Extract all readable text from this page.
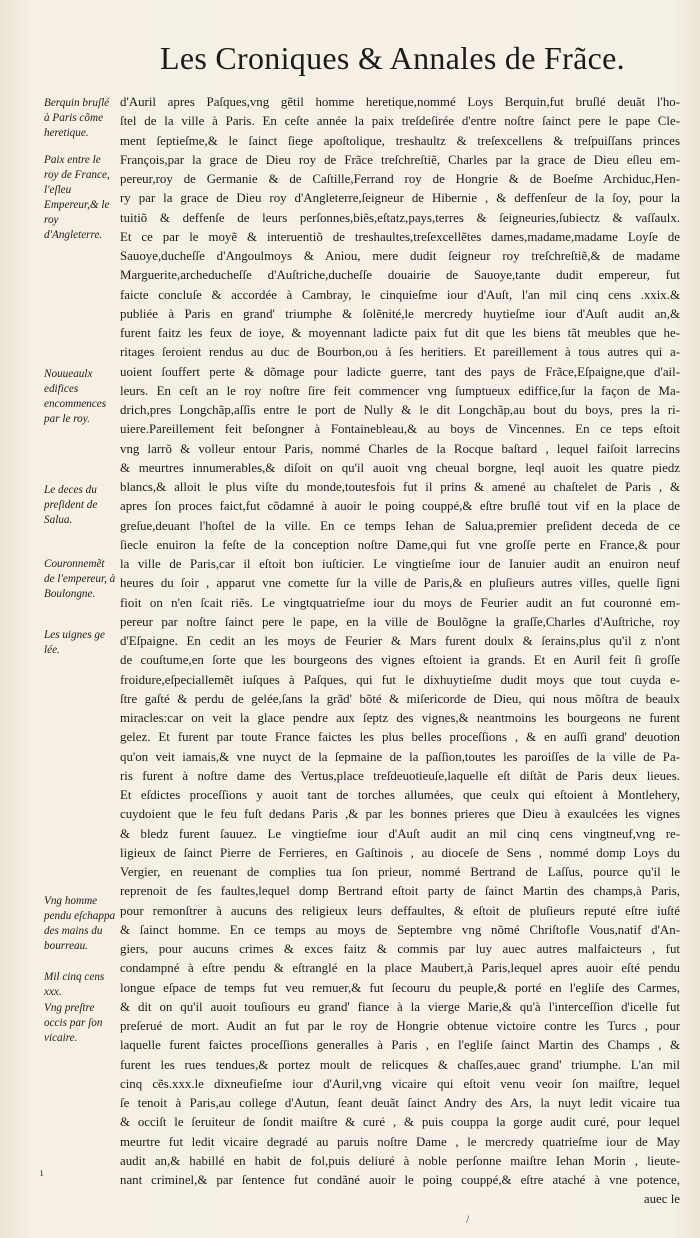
Les Croniques & Annales de Frãce.
Berquin bruſlé à Paris cõme heretique.
Paix entre le roy de France, l'eſleu Empereur,& le roy d'Angleterre.
Nouueaulx edifices encommences par le roy.
Le deces du preſident de Salua.
Couronnemẽt de l'empereur, à Boulongne.
Les uignes ge lée.
Vng homme pendu eſchappa des mains du bourreau.
Mil cinq cens xxx.
Vng preſtre occis par ſon vicaire.
d'Auril apres Paſques,vng gẽtil homme heretique,nommé Loys Berquin,fut bruſlé deuãt l'ho-
ſtel de la ville à Paris. En ceſte année la paix treſdeſirée d'entre noſtre ſainct pere le pape Cle-
ment ſeptieſme,& le ſainct ſiege apoſtolique, treshaultz & treſexcellens & treſpuiſſans princes
François,par la grace de Dieu roy de Frãce treſchreſtiẽ, Charles par la grace de Dieu eſleu em-
pereur,roy de Germanie & de Caſtille,Ferrand roy de Hongrie & de Boeſme Archiduc,Hen-
ry par la grace de Dieu roy d'Angleterre,ſeigneur de Hibernie , & deffenſeur de la ſoy, pour la
tuitiõ & deffenſe de leurs perſonnes,biẽs,eſtatz,pays,terres & ſeigneuries,ſubiectz & vaſſaulx.
Et ce par le moyẽ & interuentiõ de treshaultes,treſexcellẽtes dames,madame,madame Loyſe de
Sauoye,ducheſſe d'Angoulmoys & Aniou, mere dudit ſeigneur roy treſchreſtiẽ,& de madame
Marguerite,archeducheſſe d'Auſtriche,ducheſſe douairie de Sauoye,tante dudit empereur, fut
faicte concluſe & accordée à Cambray, le cinquieſme iour d'Auſt, l'an mil cinq cens .xxix.&
publiée à Paris en grand' triumphe & ſolẽnité,le mercredy huytieſme iour d'Auſt audit an,&
furent faitz les feux de ioye, & moyennant ladicte paix fut dit que les biens tãt meubles que he-
ritages ſeroient rendus au duc de Bourbon,ou à ſes heritiers. Et pareillement à tous autres qui a-
uoient ſouffert perte & dõmage pour ladicte guerre, tant des pays de Frãce,Eſpaigne,que d'ail-
leurs. En ceſt an le roy noſtre ſire feit commencer vng ſumptueux ediffice,ſur la façon de Ma-
drich,pres Longchãp,aſſis entre le port de Nully & le dit Longchãp,au bout du boys, pres la ri-
uiere.Pareillement feit beſongner à Fontainebleau,& au boys de Vincennes. En ce teps eſtoit
vng larrõ & volleur entour Paris, nommé Charles de la Rocque baſtard , lequel faiſoit larrecins
& meurtres innumerables,& diſoit on qu'il auoit vng cheual borgne, leql auoit les quatre piedz
blancs,& alloit le plus viſte du monde,toutesfois fut il prins & amené au chaſtelet de Paris , &
apres ſon proces faict,fut cõdamné à auoir le poing couppé,& eſtre bruſlé tout vif en la place de
greſue,deuant l'hoſtel de la ville. En ce temps Iehan de Salua,premier preſident deceda de ce
ſiecle enuiron la feſte de la conception noſtre Dame,qui fut vne groſſe perte en France,& pour
la ville de Paris,car il eſtoit bon iuſticier. Le vingtieſme iour de Ianuier audit an enuiron neuf
heures du ſoir , apparut vne comette ſur la ville de Paris,& en pluſieurs autres villes, quelle ſigni
fioit on n'en ſcait riẽs. Le vingtquatrieſme iour du moys de Feurier audit an fut couronné em-
pereur par noſtre ſainct pere le pape, en la ville de Boulõgne la graſſe,Charles d'Auſtriche, roy
d'Eſpaigne. En cedit an les moys de Feurier & Mars furent doulx & ſerains,plus qu'il z n'ont
de couſtume,en ſorte que les bourgeons des vignes eſtoient ia grands. Et en Auril feit ſi groſſe
froidure,eſpeciallemẽt iuſques à Paſques, qui fut le dixhuytieſme dudit moys que tout cuyda e-
ſtre gaſté & perdu de gelée,ſans la grãd' bõté & miſericorde de Dieu, qui nous mõſtra de beaulx
miracles:car on veit la glace pendre aux ſeptz des vignes,& neantmoins les bourgeons ne furent
gelez. Et furent par toute France faictes les plus belles proceſſions , & en auſſi grand' deuotion
qu'on veit iamais,& vne nuyct de la ſepmaine de la paſſion,toutes les paroiſſes de la ville de Pa-
ris furent à noſtre dame des Vertus,place treſdeuotieuſe,laquelle eſt diſtãt de Paris deux lieues.
Et eſdictes proceſſions y auoit tant de torches allumées, que ceulx qui eſtoient à Montlehery,
cuydoient que le feu fuſt dedans Paris ,& par les bonnes prieres que Dieu à exaulcées les vignes
& bledz furent ſauuez. Le vingtieſme iour d'Auſt audit an mil cinq cens vingtneuf,vng re-
ligieux de ſainct Pierre de Ferrieres, en Gaſtinois , au dioceſe de Sens , nommé domp Loys du
Vergier, en reuenant de complies tua ſon prieur, nommé Bertrand de Laſſus, pource qu'il le
reprenoit de ſes faultes,lequel domp Bertrand eſtoit party de ſainct Martin des champs,à Paris,
pour remonſtrer à aucuns des religieux leurs deffaultes, & eſtoit de pluſieurs reputé eſtre iuſté
& ſainct homme. En ce temps au moys de Septembre vng nõmé Chriſtofle Vous,natif d'An-
giers, pour aucuns crimes & exces faitz & commis par luy auec autres malfaicteurs , fut
condampné à eſtre pendu & eſtranglé en la place Maubert,à Paris,lequel apres auoir eſté pendu
longue eſpace de temps fut veu remuer,& fut ſecouru du peuple,& porté en l'egliſe des Carmes,
& dit on qu'il auoit touſiours eu grand' fiance à la vierge Marie,& qu'à l'interceſſion d'icelle fut
preſerué de mort. Audit an fut par le roy de Hongrie obtenue victoire contre les Turcs , pour
laquelle furent faictes proceſſions generalles à Paris , en l'egliſe ſainct Martin des Champs , &
furent les rues tendues,& portez moult de relicques & chaſſes,auec grand' triumphe. L'an mil
cinq cẽs.xxx.le dixneufieſme iour d'Auril,vng vicaire qui eſtoit venu veoir ſon maiſtre, lequel
ſe tenoit à Paris,au college d'Autun, ſeant deuãt ſainct Andry des Ars, la nuyt ledit vicaire tua
& occiſt le ſeruiteur de ſondit maiſtre & curé , & puis couppa la gorge audit curé, pour lequel
meurtre fut ledit vicaire degradé au paruis noſtre Dame , le mercredy quatrieſme iour de May
audit an,& habillé en habit de fol,puis deliuré à noble perſonne maiſtre Iehan Morin , lieute-
nant criminel,& par ſentence fut condãné auoir le poing couppé,& eſtre ataché à vne potence,
auec le
ı
/
